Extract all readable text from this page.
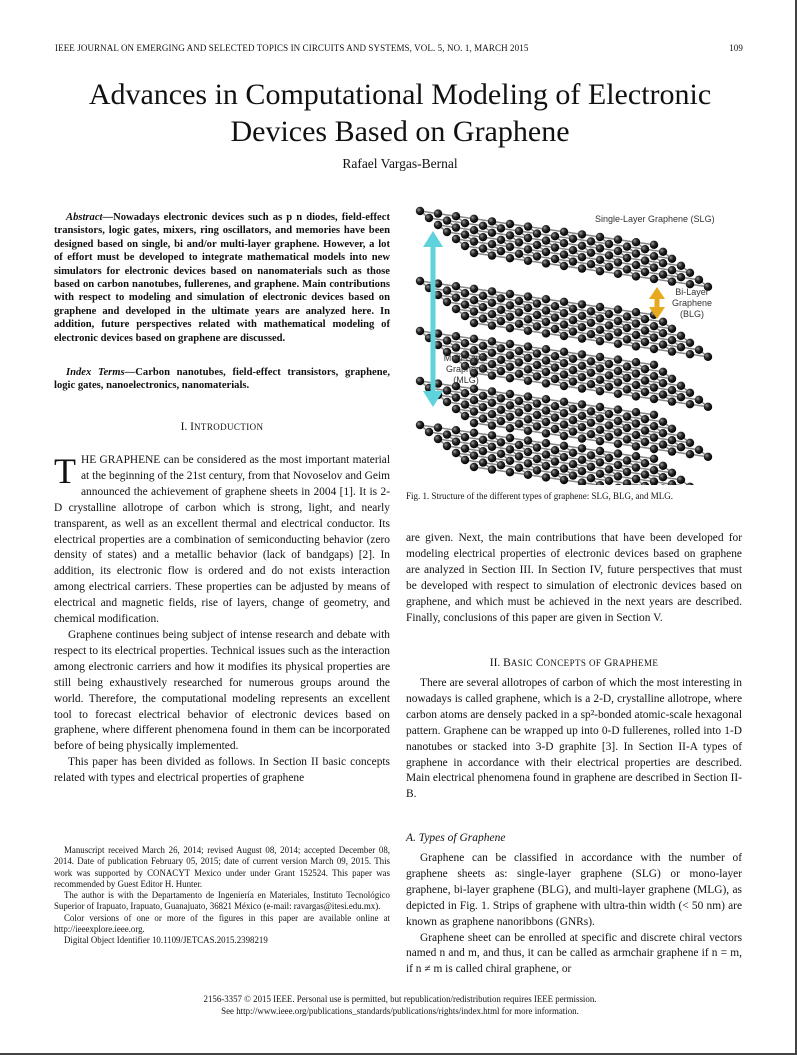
IEEE JOURNAL ON EMERGING AND SELECTED TOPICS IN CIRCUITS AND SYSTEMS, VOL. 5, NO. 1, MARCH 2015	109
Advances in Computational Modeling of Electronic Devices Based on Graphene
Rafael Vargas-Bernal
Abstract—Nowadays electronic devices such as p n diodes, field-effect transistors, logic gates, mixers, ring oscillators, and memories have been designed based on single, bi and/or multi-layer graphene. However, a lot of effort must be developed to integrate mathematical models into new simulators for electronic devices based on nanomaterials such as those based on carbon nanotubes, fullerenes, and graphene. Main contributions with respect to modeling and simulation of electronic devices based on graphene and developed in the ultimate years are analyzed here. In addition, future perspectives related with mathematical modeling of electronic devices based on graphene are discussed.
Index Terms—Carbon nanotubes, field-effect transistors, graphene, logic gates, nanoelectronics, nanomaterials.
I. INTRODUCTION

THE GRAPHENE can be considered as the most important material at the beginning of the 21st century, from that Novoselov and Geim announced the achievement of graphene sheets in 2004 [1]. It is 2-D crystalline allotrope of carbon which is strong, light, and nearly transparent, as well as an excellent thermal and electrical conductor. Its electrical properties are a combination of semiconducting behavior (zero density of states) and a metallic behavior (lack of bandgaps) [2]. In addition, its electronic flow is ordered and do not exists interaction among electrical carriers. These properties can be adjusted by means of electrical and magnetic fields, rise of layers, change of geometry, and chemical modification.

Graphene continues being subject of intense research and debate with respect to its electrical properties. Technical issues such as the interaction among electronic carriers and how it modifies its physical properties are still being exhaustively researched for numerous groups around the world. Therefore, the computational modeling represents an excellent tool to forecast electrical behavior of electronic devices based on graphene, where different phenomena found in them can be incorporated before of being physically implemented.

This paper has been divided as follows. In Section II basic concepts related with types and electrical properties of graphene

Manuscript received March 26, 2014; revised August 08, 2014; accepted December 08, 2014. Date of publication February 05, 2015; date of current version March 09, 2015. This work was supported by CONACYT Mexico under under Grant 152524. This paper was recommended by Guest Editor H. Hunter.

The author is with the Departamento de Ingeniería en Materiales, Instituto Tecnológico Superior of Irapuato, Irapuato, Guanajuato, 36821 México (e-mail: ravargas@itesi.edu.mx).

Color versions of one or more of the figures in this paper are available online at http://ieeexplore.ieee.org.

Digital Object Identifier 10.1109/JETCAS.2015.2398219

Single-Layer Graphene (SLG)
Bi-Layer
Graphene
(BLG)
Multi-Layer
Graphene
(MLG)
Fig. 1. Structure of the different types of graphene: SLG, BLG, and MLG.

are given. Next, the main contributions that have been developed for modeling electrical properties of electronic devices based on graphene are analyzed in Section III. In Section IV, future perspectives that must be developed with respect to simulation of electronic devices based on graphene, and which must be achieved in the next years are described. Finally, conclusions of this paper are given in Section V.

II. BASIC CONCEPTS OF GRAPHEME

There are several allotropes of carbon of which the most interesting in nowadays is called graphene, which is a 2-D, crystalline allotrope, where carbon atoms are densely packed in a sp²-bonded atomic-scale hexagonal pattern. Graphene can be wrapped up into 0-D fullerenes, rolled into 1-D nanotubes or stacked into 3-D graphite [3]. In Section II-A types of graphene in accordance with their electrical properties are described. Main electrical phenomena found in graphene are described in Section II-B.

A. Types of Graphene

Graphene can be classified in accordance with the number of graphene sheets as: single-layer graphene (SLG) or mono-layer graphene, bi-layer graphene (BLG), and multi-layer graphene (MLG), as depicted in Fig. 1. Strips of graphene with ultra-thin width (< 50 nm) are known as graphene nanoribbons (GNRs).

Graphene sheet can be enrolled at specific and discrete chiral vectors named n and m, and thus, it can be called as armchair graphene if n = m, if n ≠ m is called chiral graphene, or

2156-3357 © 2015 IEEE. Personal use is permitted, but republication/redistribution requires IEEE permission.
See http://www.ieee.org/publications_standards/publications/rights/index.html for more information.
